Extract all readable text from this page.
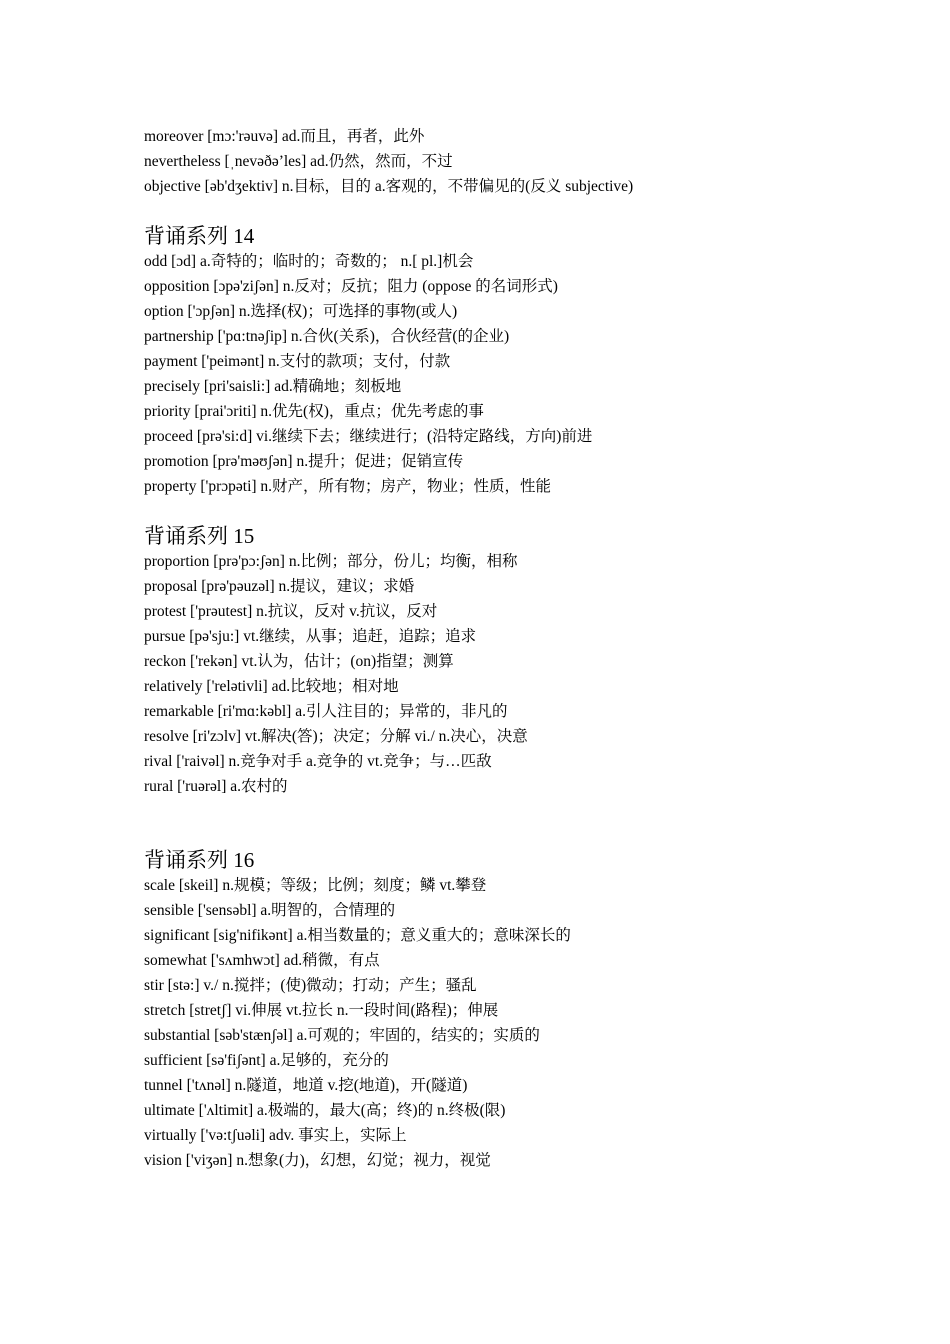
moreover [mɔ:'rəuvə] ad.而且，再者，此外
nevertheless [ˌnevəðə’les] ad.仍然，然而，不过
objective [əb'dʒektiv] n.目标，目的 a.客观的，不带偏见的(反义 subjective)
背诵系列 14
odd [ɔd] a.奇特的；临时的；奇数的； n.[ pl.]机会
opposition [ɔpə'ziʃən] n.反对；反抗；阻力 (oppose 的名词形式)
option ['ɔpʃən] n.选择(权)；可选择的事物(或人)
partnership ['pɑ:tnəʃip] n.合伙(关系)，合伙经营(的企业)
payment ['peimənt] n.支付的款项；支付，付款
precisely [pri'saisli:] ad.精确地；刻板地
priority [prai'ɔriti] n.优先(权)，重点；优先考虑的事
proceed [prə'si:d] vi.继续下去；继续进行；(沿特定路线，方向)前进
promotion [prə'məʊʃən] n.提升；促进；促销宣传
property ['prɔpəti] n.财产，所有物；房产，物业；性质，性能
背诵系列 15
proportion [prə'pɔ:ʃən] n.比例；部分，份儿；均衡，相称
proposal [prə'pəuzəl] n.提议，建议；求婚
protest ['prəutest] n.抗议，反对 v.抗议，反对
pursue [pə'sju:] vt.继续，从事；追赶，追踪；追求
reckon ['rekən] vt.认为，估计；(on)指望；测算
relatively ['relətivli] ad.比较地；相对地
remarkable [ri'mɑ:kəbl] a.引人注目的；异常的，非凡的
resolve [ri'zɔlv] vt.解决(答)；决定；分解 vi./ n.决心，决意
rival ['raivəl] n.竞争对手 a.竞争的 vt.竞争；与…匹敌
rural ['ruərəl] a.农村的
背诵系列 16
scale [skeil] n.规模；等级；比例；刻度；鳞 vt.攀登
sensible ['sensəbl] a.明智的，合情理的
significant [sig'nifikənt] a.相当数量的；意义重大的；意味深长的
somewhat ['sʌmhwɔt] ad.稍微，有点
stir [stə:] v./ n.搅拌；(使)微动；打动；产生；骚乱
stretch [stretʃ] vi.伸展 vt.拉长 n.一段时间(路程)；伸展
substantial [səb'stænʃəl] a.可观的；牢固的，结实的；实质的
sufficient [sə'fiʃənt] a.足够的，充分的
tunnel ['tʌnəl] n.隧道，地道 v.挖(地道)，开(隧道)
ultimate ['ʌltimit] a.极端的，最大(高；终)的 n.终极(限)
virtually ['və:tʃuəli] adv. 事实上，实际上
vision ['viʒən] n.想象(力)，幻想，幻觉；视力，视觉
